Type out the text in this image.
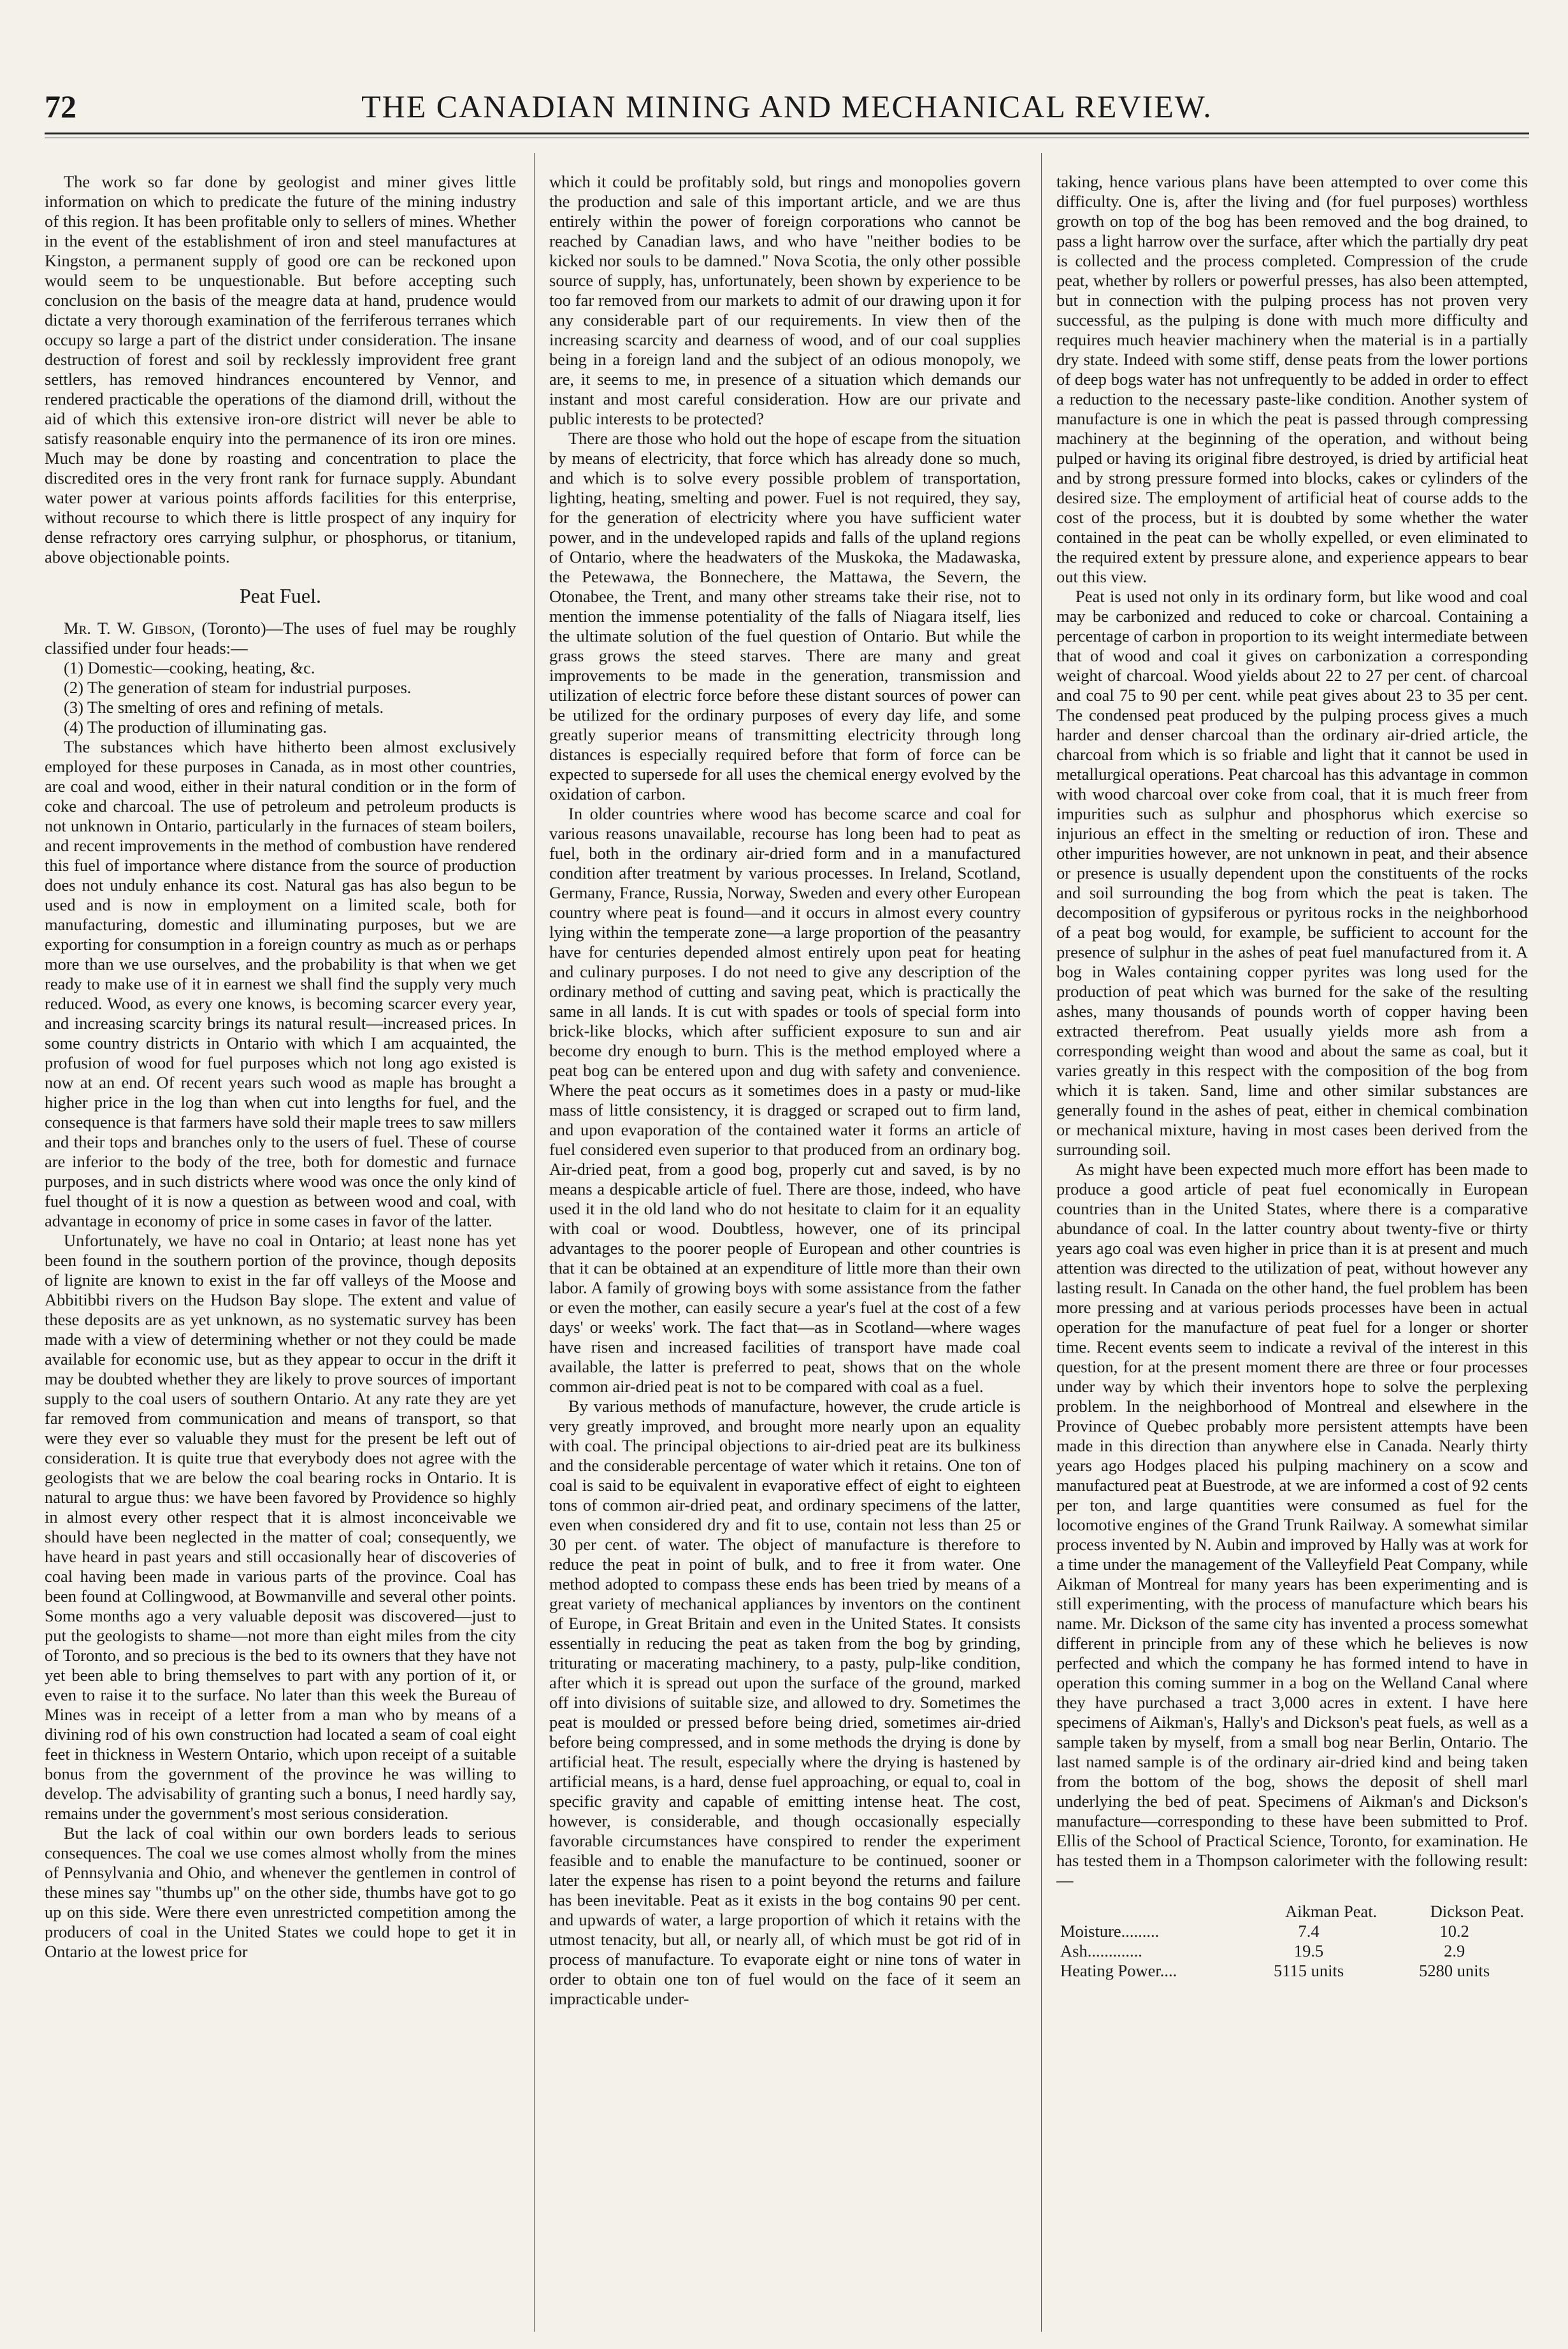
72	THE CANADIAN MINING AND MECHANICAL REVIEW.

The work so far done by geologist and miner gives little information on which to predicate the future of the mining industry of this region. It has been profitable only to sellers of mines. Whether in the event of the establishment of iron and steel manufactures at Kingston, a permanent supply of good ore can be reckoned upon would seem to be unquestionable. But before accepting such conclusion on the basis of the meagre data at hand, prudence would dictate a very thorough examination of the ferriferous terranes which occupy so large a part of the district under consideration. The insane destruction of forest and soil by recklessly improvident free grant settlers, has removed hindrances encountered by Vennor, and rendered practicable the operations of the diamond drill, without the aid of which this extensive iron-ore district will never be able to satisfy reasonable enquiry into the permanence of its iron ore mines. Much may be done by roasting and concentration to place the discredited ores in the very front rank for furnace supply. Abundant water power at various points affords facilities for this enterprise, without recourse to which there is little prospect of any inquiry for dense refractory ores carrying sulphur, or phosphorus, or titanium, above objectionable points.

Peat Fuel.

Mr. T. W. Gibson, (Toronto)—The uses of fuel may be roughly classified under four heads:—

(1) Domestic—cooking, heating, &c.
(2) The generation of steam for industrial purposes.
(3) The smelting of ores and refining of metals.
(4) The production of illuminating gas.

The substances which have hitherto been almost exclusively employed for these purposes in Canada, as in most other countries, are coal and wood, either in their natural condition or in the form of coke and charcoal. The use of petroleum and petroleum products is not unknown in Ontario, particularly in the furnaces of steam boilers, and recent improvements in the method of combustion have rendered this fuel of importance where distance from the source of production does not unduly enhance its cost. Natural gas has also begun to be used and is now in employment on a limited scale, both for manufacturing, domestic and illuminating purposes, but we are exporting for consumption in a foreign country as much as or perhaps more than we use ourselves, and the probability is that when we get ready to make use of it in earnest we shall find the supply very much reduced. Wood, as every one knows, is becoming scarcer every year, and increasing scarcity brings its natural result—increased prices. In some country districts in Ontario with which I am acquainted, the profusion of wood for fuel purposes which not long ago existed is now at an end. Of recent years such wood as maple has brought a higher price in the log than when cut into lengths for fuel, and the consequence is that farmers have sold their maple trees to saw millers and their tops and branches only to the users of fuel. These of course are inferior to the body of the tree, both for domestic and furnace purposes, and in such districts where wood was once the only kind of fuel thought of it is now a question as between wood and coal, with advantage in economy of price in some cases in favor of the latter.

Unfortunately, we have no coal in Ontario; at least none has yet been found in the southern portion of the province, though deposits of lignite are known to exist in the far off valleys of the Moose and Abbitibbi rivers on the Hudson Bay slope. The extent and value of these deposits are as yet unknown, as no systematic survey has been made with a view of determining whether or not they could be made available for economic use, but as they appear to occur in the drift it may be doubted whether they are likely to prove sources of important supply to the coal users of southern Ontario. At any rate they are yet far removed from communication and means of transport, so that were they ever so valuable they must for the present be left out of consideration. It is quite true that everybody does not agree with the geologists that we are below the coal bearing rocks in Ontario. It is natural to argue thus: we have been favored by Providence so highly in almost every other respect that it is almost inconceivable we should have been neglected in the matter of coal; consequently, we have heard in past years and still occasionally hear of discoveries of coal having been made in various parts of the province. Coal has been found at Collingwood, at Bowmanville and several other points. Some months ago a very valuable deposit was discovered—just to put the geologists to shame—not more than eight miles from the city of Toronto, and so precious is the bed to its owners that they have not yet been able to bring themselves to part with any portion of it, or even to raise it to the surface. No later than this week the Bureau of Mines was in receipt of a letter from a man who by means of a divining rod of his own construction had located a seam of coal eight feet in thickness in Western Ontario, which upon receipt of a suitable bonus from the government of the province he was willing to develop. The advisability of granting such a bonus, I need hardly say, remains under the government's most serious consideration.

But the lack of coal within our own borders leads to serious consequences. The coal we use comes almost wholly from the mines of Pennsylvania and Ohio, and whenever the gentlemen in control of these mines say "thumbs up" on the other side, thumbs have got to go up on this side. Were there even unrestricted competition among the producers of coal in the United States we could hope to get it in Ontario at the lowest price for

which it could be profitably sold, but rings and monopolies govern the production and sale of this important article, and we are thus entirely within the power of foreign corporations who cannot be reached by Canadian laws, and who have "neither bodies to be kicked nor souls to be damned." Nova Scotia, the only other possible source of supply, has, unfortunately, been shown by experience to be too far removed from our markets to admit of our drawing upon it for any considerable part of our requirements. In view then of the increasing scarcity and dearness of wood, and of our coal supplies being in a foreign land and the subject of an odious monopoly, we are, it seems to me, in presence of a situation which demands our instant and most careful consideration. How are our private and public interests to be protected?

There are those who hold out the hope of escape from the situation by means of electricity, that force which has already done so much, and which is to solve every possible problem of transportation, lighting, heating, smelting and power. Fuel is not required, they say, for the generation of electricity where you have sufficient water power, and in the undeveloped rapids and falls of the upland regions of Ontario, where the headwaters of the Muskoka, the Madawaska, the Petewawa, the Bonnechere, the Mattawa, the Severn, the Otonabee, the Trent, and many other streams take their rise, not to mention the immense potentiality of the falls of Niagara itself, lies the ultimate solution of the fuel question of Ontario. But while the grass grows the steed starves. There are many and great improvements to be made in the generation, transmission and utilization of electric force before these distant sources of power can be utilized for the ordinary purposes of every day life, and some greatly superior means of transmitting electricity through long distances is especially required before that form of force can be expected to supersede for all uses the chemical energy evolved by the oxidation of carbon.

In older countries where wood has become scarce and coal for various reasons unavailable, recourse has long been had to peat as fuel, both in the ordinary air-dried form and in a manufactured condition after treatment by various processes. In Ireland, Scotland, Germany, France, Russia, Norway, Sweden and every other European country where peat is found—and it occurs in almost every country lying within the temperate zone—a large proportion of the peasantry have for centuries depended almost entirely upon peat for heating and culinary purposes. I do not need to give any description of the ordinary method of cutting and saving peat, which is practically the same in all lands. It is cut with spades or tools of special form into brick-like blocks, which after sufficient exposure to sun and air become dry enough to burn. This is the method employed where a peat bog can be entered upon and dug with safety and convenience. Where the peat occurs as it sometimes does in a pasty or mud-like mass of little consistency, it is dragged or scraped out to firm land, and upon evaporation of the contained water it forms an article of fuel considered even superior to that produced from an ordinary bog. Air-dried peat, from a good bog, properly cut and saved, is by no means a despicable article of fuel. There are those, indeed, who have used it in the old land who do not hesitate to claim for it an equality with coal or wood. Doubtless, however, one of its principal advantages to the poorer people of European and other countries is that it can be obtained at an expenditure of little more than their own labor. A family of growing boys with some assistance from the father or even the mother, can easily secure a year's fuel at the cost of a few days' or weeks' work. The fact that—as in Scotland—where wages have risen and increased facilities of transport have made coal available, the latter is preferred to peat, shows that on the whole common air-dried peat is not to be compared with coal as a fuel.

By various methods of manufacture, however, the crude article is very greatly improved, and brought more nearly upon an equality with coal. The principal objections to air-dried peat are its bulkiness and the considerable percentage of water which it retains. One ton of coal is said to be equivalent in evaporative effect of eight to eighteen tons of common air-dried peat, and ordinary specimens of the latter, even when considered dry and fit to use, contain not less than 25 or 30 per cent. of water. The object of manufacture is therefore to reduce the peat in point of bulk, and to free it from water. One method adopted to compass these ends has been tried by means of a great variety of mechanical appliances by inventors on the continent of Europe, in Great Britain and even in the United States. It consists essentially in reducing the peat as taken from the bog by grinding, triturating or macerating machinery, to a pasty, pulp-like condition, after which it is spread out upon the surface of the ground, marked off into divisions of suitable size, and allowed to dry. Sometimes the peat is moulded or pressed before being dried, sometimes air-dried before being compressed, and in some methods the drying is done by artificial heat. The result, especially where the drying is hastened by artificial means, is a hard, dense fuel approaching, or equal to, coal in specific gravity and capable of emitting intense heat. The cost, however, is considerable, and though occasionally especially favorable circumstances have conspired to render the experiment feasible and to enable the manufacture to be continued, sooner or later the expense has risen to a point beyond the returns and failure has been inevitable. Peat as it exists in the bog contains 90 per cent. and upwards of water, a large proportion of which it retains with the utmost tenacity, but all, or nearly all, of which must be got rid of in process of manufacture. To evaporate eight or nine tons of water in order to obtain one ton of fuel would on the face of it seem an impracticable under-

taking, hence various plans have been attempted to over come this difficulty. One is, after the living and (for fuel purposes) worthless growth on top of the bog has been removed and the bog drained, to pass a light harrow over the surface, after which the partially dry peat is collected and the process completed. Compression of the crude peat, whether by rollers or powerful presses, has also been attempted, but in connection with the pulping process has not proven very successful, as the pulping is done with much more difficulty and requires much heavier machinery when the material is in a partially dry state. Indeed with some stiff, dense peats from the lower portions of deep bogs water has not unfrequently to be added in order to effect a reduction to the necessary paste-like condition. Another system of manufacture is one in which the peat is passed through compressing machinery at the beginning of the operation, and without being pulped or having its original fibre destroyed, is dried by artificial heat and by strong pressure formed into blocks, cakes or cylinders of the desired size. The employment of artificial heat of course adds to the cost of the process, but it is doubted by some whether the water contained in the peat can be wholly expelled, or even eliminated to the required extent by pressure alone, and experience appears to bear out this view.

Peat is used not only in its ordinary form, but like wood and coal may be carbonized and reduced to coke or charcoal. Containing a percentage of carbon in proportion to its weight intermediate between that of wood and coal it gives on carbonization a corresponding weight of charcoal. Wood yields about 22 to 27 per cent. of charcoal and coal 75 to 90 per cent. while peat gives about 23 to 35 per cent. The condensed peat produced by the pulping process gives a much harder and denser charcoal than the ordinary air-dried article, the charcoal from which is so friable and light that it cannot be used in metallurgical operations. Peat charcoal has this advantage in common with wood charcoal over coke from coal, that it is much freer from impurities such as sulphur and phosphorus which exercise so injurious an effect in the smelting or reduction of iron. These and other impurities however, are not unknown in peat, and their absence or presence is usually dependent upon the constituents of the rocks and soil surrounding the bog from which the peat is taken. The decomposition of gypsiferous or pyritous rocks in the neighborhood of a peat bog would, for example, be sufficient to account for the presence of sulphur in the ashes of peat fuel manufactured from it. A bog in Wales containing copper pyrites was long used for the production of peat which was burned for the sake of the resulting ashes, many thousands of pounds worth of copper having been extracted therefrom. Peat usually yields more ash from a corresponding weight than wood and about the same as coal, but it varies greatly in this respect with the composition of the bog from which it is taken. Sand, lime and other similar substances are generally found in the ashes of peat, either in chemical combination or mechanical mixture, having in most cases been derived from the surrounding soil.

As might have been expected much more effort has been made to produce a good article of peat fuel economically in European countries than in the United States, where there is a comparative abundance of coal. In the latter country about twenty-five or thirty years ago coal was even higher in price than it is at present and much attention was directed to the utilization of peat, without however any lasting result. In Canada on the other hand, the fuel problem has been more pressing and at various periods processes have been in actual operation for the manufacture of peat fuel for a longer or shorter time. Recent events seem to indicate a revival of the interest in this question, for at the present moment there are three or four processes under way by which their inventors hope to solve the perplexing problem. In the neighborhood of Montreal and elsewhere in the Province of Quebec probably more persistent attempts have been made in this direction than anywhere else in Canada. Nearly thirty years ago Hodges placed his pulping machinery on a scow and manufactured peat at Buestrode, at we are informed a cost of 92 cents per ton, and large quantities were consumed as fuel for the locomotive engines of the Grand Trunk Railway. A somewhat similar process invented by N. Aubin and improved by Hally was at work for a time under the management of the Valleyfield Peat Company, while Aikman of Montreal for many years has been experimenting and is still experimenting, with the process of manufacture which bears his name. Mr. Dickson of the same city has invented a process somewhat different in principle from any of these which he believes is now perfected and which the company he has formed intend to have in operation this coming summer in a bog on the Welland Canal where they have purchased a tract 3,000 acres in extent. I have here specimens of Aikman's, Hally's and Dickson's peat fuels, as well as a sample taken by myself, from a small bog near Berlin, Ontario. The last named sample is of the ordinary air-dried kind and being taken from the bottom of the bog, shows the deposit of shell marl underlying the bed of peat. Specimens of Aikman's and Dickson's manufacture—corresponding to these have been submitted to Prof. Ellis of the School of Practical Science, Toronto, for examination. He has tested them in a Thompson calorimeter with the following result:—

	Aikman Peat.	Dickson Peat.
Moisture.........	7.4	10.2
Ash.............	19.5	2.9
Heating Power....	5115 units	5280 units
